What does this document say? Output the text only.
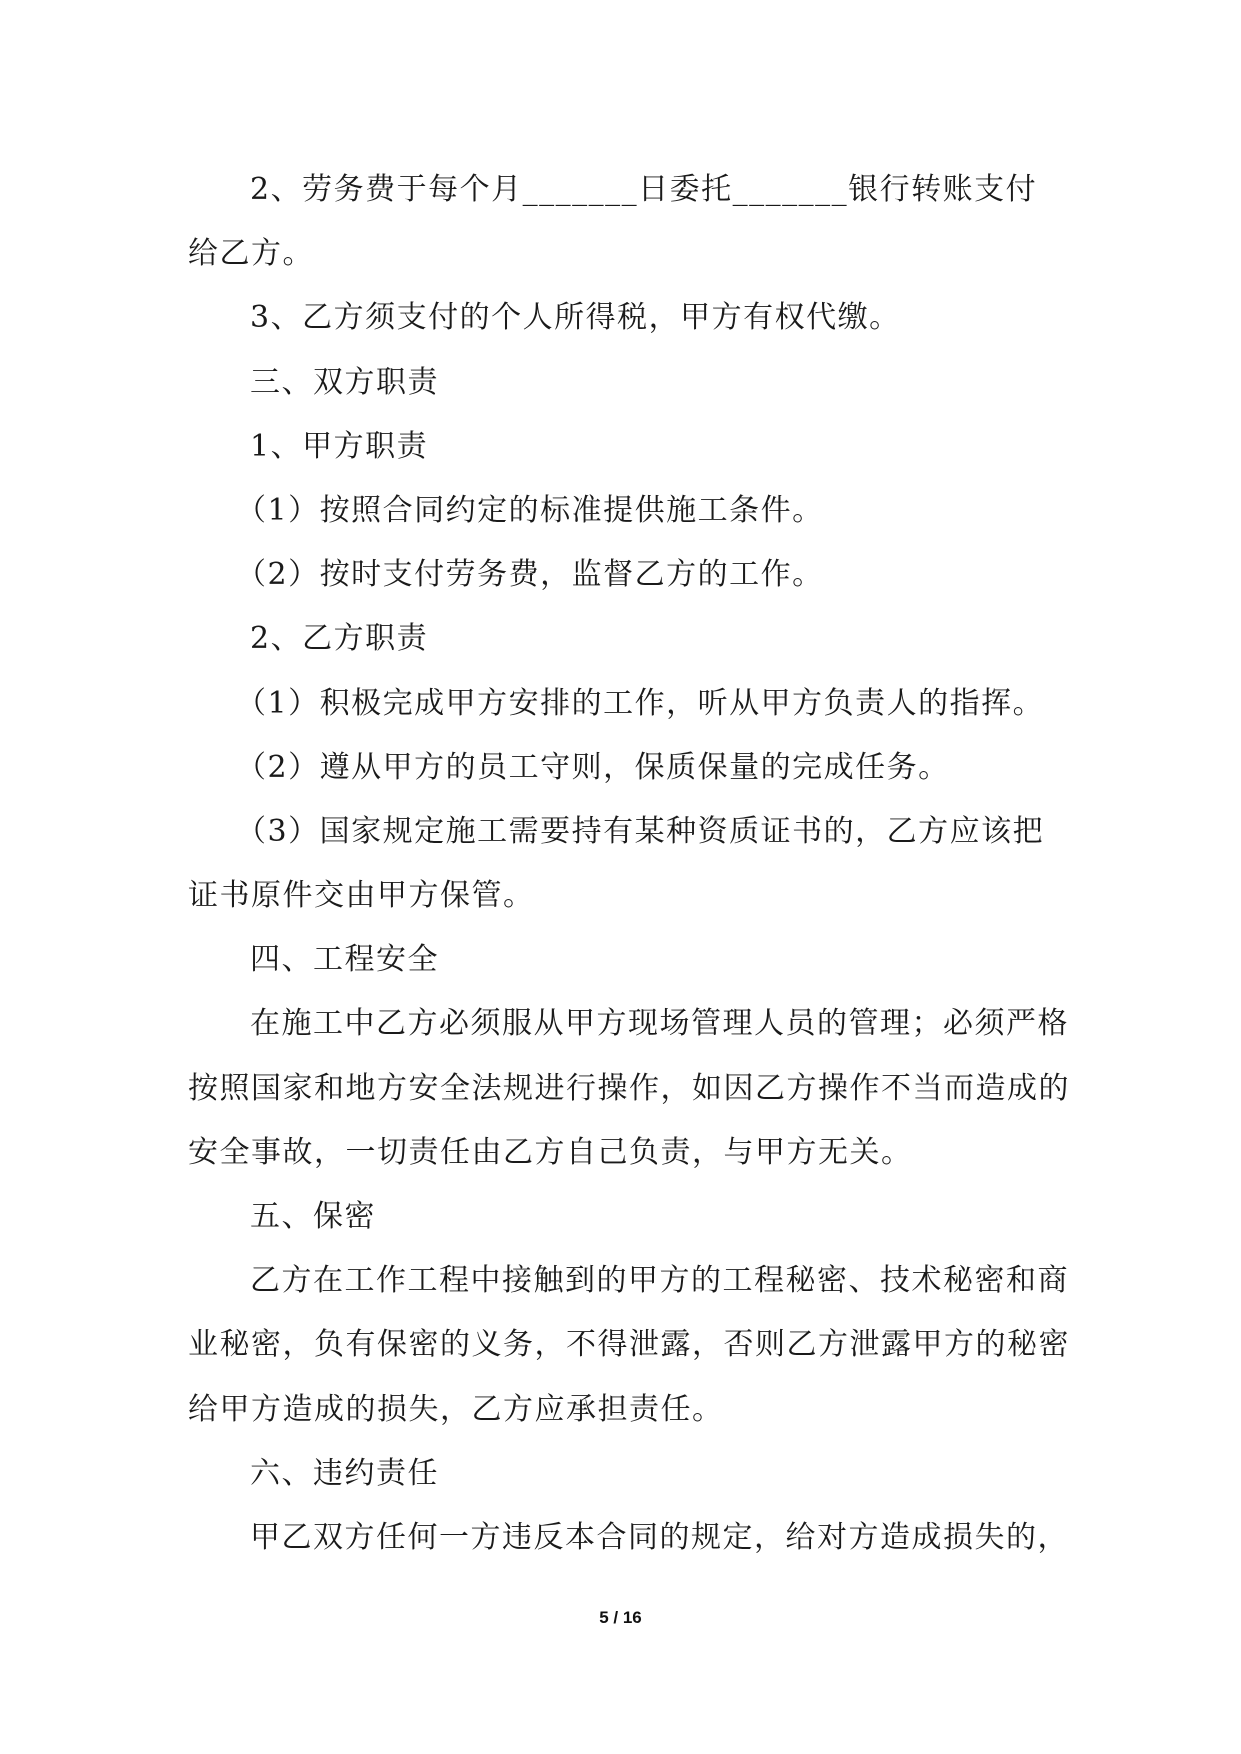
2、劳务费于每个月_______日委托_______银行转账支付
给乙方。
3、乙方须支付的个人所得税，甲方有权代缴。
三、双方职责
1、甲方职责
（1）按照合同约定的标准提供施工条件。
（2）按时支付劳务费，监督乙方的工作。
2、乙方职责
（1）积极完成甲方安排的工作，听从甲方负责人的指挥。
（2）遵从甲方的员工守则，保质保量的完成任务。
（3）国家规定施工需要持有某种资质证书的，乙方应该把
证书原件交由甲方保管。
四、工程安全
在施工中乙方必须服从甲方现场管理人员的管理；必须严格
按照国家和地方安全法规进行操作，如因乙方操作不当而造成的
安全事故，一切责任由乙方自己负责，与甲方无关。
五、保密
乙方在工作工程中接触到的甲方的工程秘密、技术秘密和商
业秘密，负有保密的义务，不得泄露，否则乙方泄露甲方的秘密
给甲方造成的损失，乙方应承担责任。
六、违约责任
甲乙双方任何一方违反本合同的规定，给对方造成损失的，
5 / 16
